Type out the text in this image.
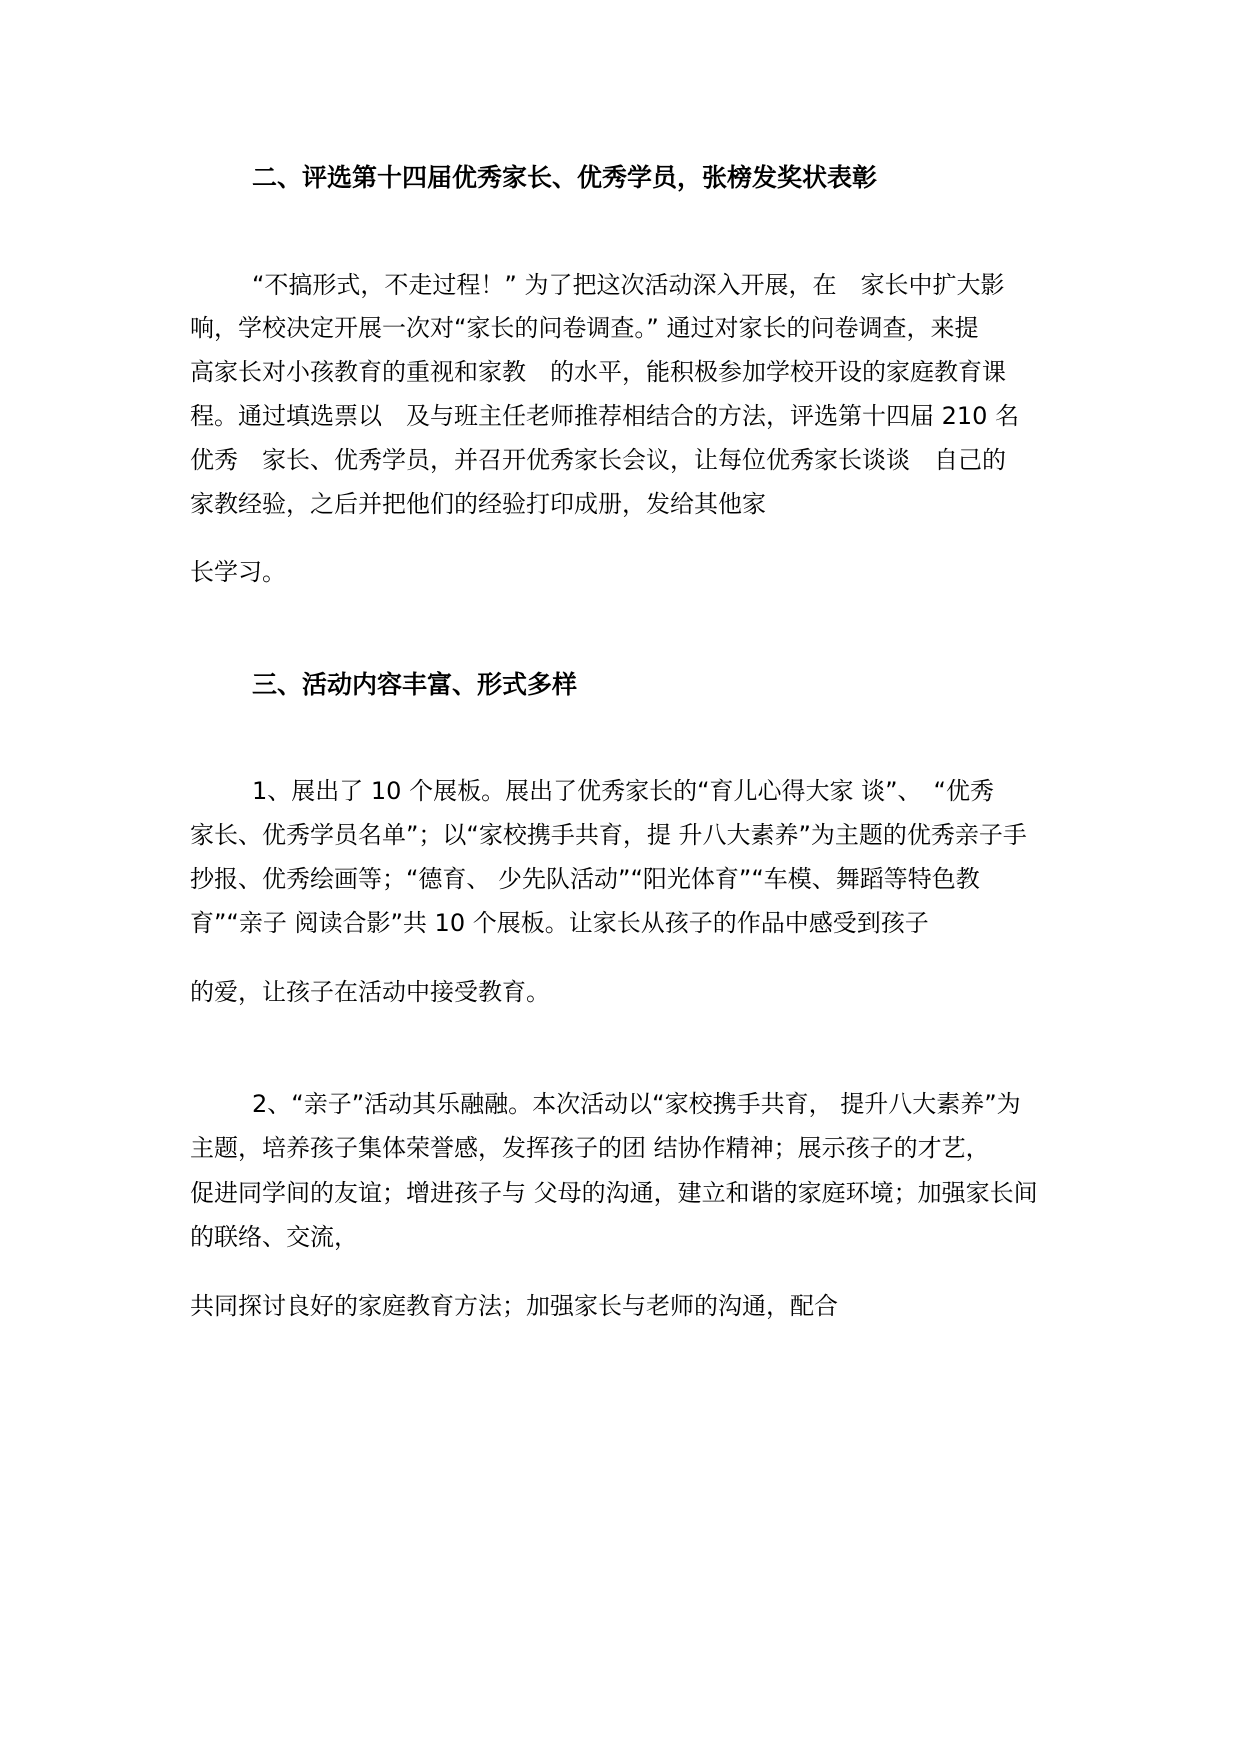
二、评选第十四届优秀家长、优秀学员，张榜发奖状表彰
“不搞形式，不走过程！” 为了把这次活动深入开展，在　家长中扩大影
响，学校决定开展一次对“家长的问卷调查。” 通过对家长的问卷调查，来提
高家长对小孩教育的重视和家教　的水平，能积极参加学校开设的家庭教育课
程。通过填选票以　及与班主任老师推荐相结合的方法，评选第十四届 210 名
优秀　家长、优秀学员，并召开优秀家长会议，让每位优秀家长谈谈　自己的
家教经验，之后并把他们的经验打印成册，发给其他家
长学习。
三、活动内容丰富、形式多样
1、展出了 10 个展板。展出了优秀家长的“育儿心得大家 谈”、　“优秀
家长、优秀学员名单”；以“家校携手共育，提 升八大素养”为主题的优秀亲子手
抄报、优秀绘画等；“德育、 少先队活动”“阳光体育”“车模、舞蹈等特色教
育”“亲子 阅读合影”共 10 个展板。让家长从孩子的作品中感受到孩子
的爱，让孩子在活动中接受教育。
2、“亲子”活动其乐融融。本次活动以“家校携手共育， 提升八大素养”为
主题，培养孩子集体荣誉感，发挥孩子的团 结协作精神；展示孩子的才艺，
促进同学间的友谊；增进孩子与 父母的沟通，建立和谐的家庭环境；加强家长间
的联络、交流，
共同探讨良好的家庭教育方法；加强家长与老师的沟通，配合
